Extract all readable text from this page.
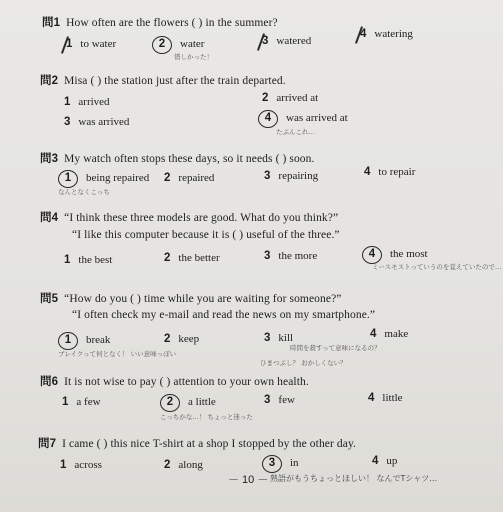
問1 How often are the flowers ( ) in the summer?
1 to water	2 water	3 watered
4 watering
惜しかった！
問2 Misa ( ) the station just after the train departed.
1 arrived	2 arrived at
3 was arrived	4 was arrived at
たぶんこれ…
問3 My watch often stops these days, so it needs ( ) soon.
1 being repaired 2 repaired	3 repairing	4 to repair
なんとなくこっち
問4 “I think these three models are good. What do you think?”
“I like this computer because it is ( ) useful of the three.”
1 the best	2 the better	3 the more	4 the most
ミースモストっていうのを覚えていたので…
問5 “How do you ( ) time while you are waiting for someone?”
“I often check my e-mail and read the news on my smartphone.”
1 break	2 keep	3 kill	4 make
ブレイクって何となく！ いい意味っぽい
時間を殺すって意味になるの？
ひまつぶし？ おかしくない？
問6 It is not wise to pay ( ) attention to your own health.
1 a few	2 a little	3 few	4 little
こっちかな…！ ちょっと迷った
問7 I came ( ) this nice T-shirt at a shop I stopped by the other day.
1 across	2 along	3 in	4 up
－ 10 － 熟語がもうちょっとほしい！ なんでTシャツ…
